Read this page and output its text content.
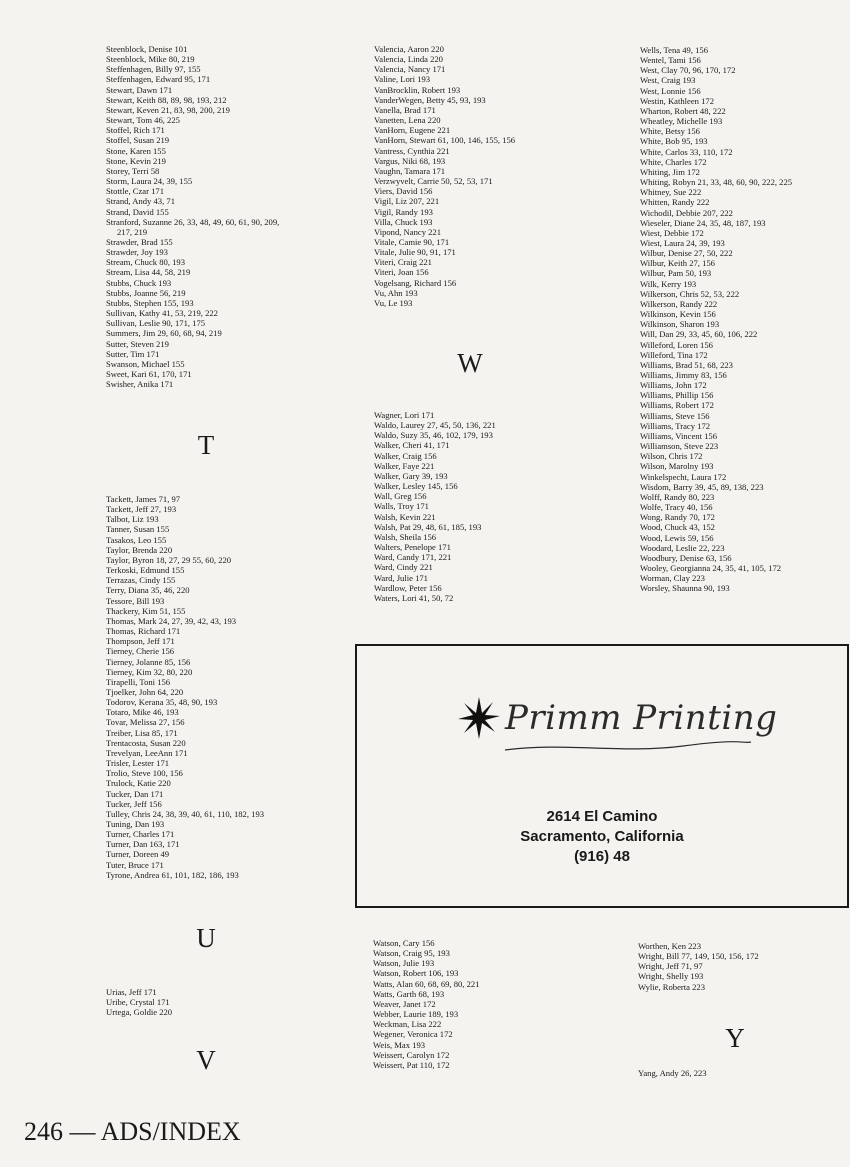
Steenblock, Denise 101
Steenblock, Mike 80, 219
Steffenhagen, Billy 97, 155
Steffenhagen, Edward 95, 171
Stewart, Dawn 171
Stewart, Keith 88, 89, 98, 193, 212
Stewart, Keven 21, 83, 98, 200, 219
Stewart, Tom 46, 225
Stoffel, Rich 171
Stoffel, Susan 219
Stone, Karen 155
Stone, Kevin 219
Storey, Terri 58
Storm, Laura 24, 39, 155
Stottle, Czar 171
Strand, Andy 43, 71
Strand, David 155
Stranford, Suzanne 26, 33, 48, 49, 60, 61, 90, 209,
217, 219
Strawder, Brad 155
Strawder, Joy 193
Stream, Chuck 80, 193
Stream, Lisa 44, 58, 219
Stubbs, Chuck 193
Stubbs, Joanne 56, 219
Stubbs, Stephen 155, 193
Sullivan, Kathy 41, 53, 219, 222
Sullivan, Leslie 90, 171, 175
Summers, Jim 29, 60, 68, 94, 219
Sutter, Steven 219
Sutter, Tim 171
Swanson, Michael 155
Sweet, Kari 61, 170, 171
Swisher, Anika 171
T
Tackett, James 71, 97
Tackett, Jeff 27, 193
Talbot, Liz 193
Tanner, Susan 155
Tasakos, Leo 155
Taylor, Brenda 220
Taylor, Byron 18, 27, 29 55, 60, 220
Terkoski, Edmund 155
Terrazas, Cindy 155
Terry, Diana 35, 46, 220
Tessore, Bill 193
Thackery, Kim 51, 155
Thomas, Mark 24, 27, 39, 42, 43, 193
Thomas, Richard 171
Thompson, Jeff 171
Tierney, Cherie 156
Tierney, Jolanne 85, 156
Tierney, Kim 32, 80, 220
Tirapelli, Toni 156
Tjoelker, John 64, 220
Todorov, Kerana 35, 48, 90, 193
Totaro, Mike 46, 193
Tovar, Melissa 27, 156
Treiber, Lisa 85, 171
Trentacosta, Susan 220
Trevelyan, LeeAnn 171
Trisler, Lester 171
Trolio, Steve 100, 156
Trulock, Katie 220
Tucker, Dan 171
Tucker, Jeff 156
Tulley, Chris 24, 38, 39, 40, 61, 110, 182, 193
Tuning, Dan 193
Turner, Charles 171
Turner, Dan 163, 171
Turner, Doreen 49
Tuter, Bruce 171
Tyrone, Andrea 61, 101, 182, 186, 193
U
Urias, Jeff 171
Uribe, Crystal 171
Urtega, Goldie 220
V
Valencia, Aaron 220
Valencia, Linda 220
Valencia, Nancy 171
Valine, Lori 193
VanBrocklin, Robert 193
VanderWegen, Betty 45, 93, 193
Vanella, Brad 171
Vanetten, Lena 220
VanHorn, Eugene 221
VanHorn, Stewart 61, 100, 146, 155, 156
Vantress, Cynthia 221
Vargus, Niki 68, 193
Vaughn, Tamara 171
Verzwyvelt, Carrie 50, 52, 53, 171
Viers, David 156
Vigil, Liz 207, 221
Vigil, Randy 193
Villa, Chuck 193
Vipond, Nancy 221
Vitale, Camie 90, 171
Vitale, Julie 90, 91, 171
Viteri, Craig 221
Viteri, Joan 156
Vogelsang, Richard 156
Vu, Ahn 193
Vu, Le 193
W
Wagner, Lori 171
Waldo, Laurey 27, 45, 50, 136, 221
Waldo, Suzy 35, 46, 102, 179, 193
Walker, Cheri 41, 171
Walker, Craig 156
Walker, Faye 221
Walker, Gary 39, 193
Walker, Lesley 145, 156
Wall, Greg 156
Walls, Troy 171
Walsh, Kevin 221
Walsh, Pat 29, 48, 61, 185, 193
Walsh, Sheila 156
Walters, Penelope 171
Ward, Candy 171, 221
Ward, Cindy 221
Ward, Julie 171
Wardlow, Peter 156
Waters, Lori 41, 50, 72
Watson, Cary 156
Watson, Craig 95, 193
Watson, Julie 193
Watson, Robert 106, 193
Watts, Alan 60, 68, 69, 80, 221
Watts, Garth 68, 193
Weaver, Janet 172
Webber, Laurie 189, 193
Weckman, Lisa 222
Wegener, Veronica 172
Weis, Max 193
Weissert, Carolyn 172
Weissert, Pat 110, 172
Wells, Tena 49, 156
Wentel, Tami 156
West, Clay 70, 96, 170, 172
West, Craig 193
West, Lonnie 156
Westin, Kathleen 172
Wharton, Robert 48, 222
Wheatley, Michelle 193
White, Betsy 156
White, Bob 95, 193
White, Carlos 33, 110, 172
White, Charles 172
Whiting, Jim 172
Whiting, Robyn 21, 33, 48, 60, 90, 222, 225
Whitney, Sue 222
Whitten, Randy 222
Wichodil, Debbie 207, 222
Wieseler, Diane 24, 35, 48, 187, 193
Wiest, Debbie 172
Wiest, Laura 24, 39, 193
Wilbur, Denise 27, 50, 222
Wilbur, Keith 27, 156
Wilbur, Pam 50, 193
Wilk, Kerry 193
Wilkerson, Chris 52, 53, 222
Wilkerson, Randy 222
Wilkinson, Kevin 156
Wilkinson, Sharon 193
Will, Dan 29, 33, 45, 60, 106, 222
Willeford, Loren 156
Willeford, Tina 172
Williams, Brad 51, 68, 223
Williams, Jimmy 83, 156
Williams, John 172
Williams, Phillip 156
Williams, Robert 172
Williams, Steve 156
Williams, Tracy 172
Williams, Vincent 156
Williamson, Steve 223
Wilson, Chris 172
Wilson, Marolny 193
Winkelspecht, Laura 172
Wisdom, Barry 39, 45, 89, 138, 223
Wolff, Randy 80, 223
Wolfe, Tracy 40, 156
Wong, Randy 70, 172
Wood, Chuck 43, 152
Wood, Lewis 59, 156
Woodard, Leslie 22, 223
Woodbury, Denise 63, 156
Wooley, Georgianna 24, 35, 41, 105, 172
Worman, Clay 223
Worsley, Shaunna 90, 193
Worthen, Ken 223
Wright, Bill 77, 149, 150, 156, 172
Wright, Jeff 71, 97
Wright, Shelly 193
Wylie, Roberta 223
Y
Yang, Andy 26, 223
Primm Printing
2614 El Camino
Sacramento, California
(916) 48
246 — ADS/INDEX
